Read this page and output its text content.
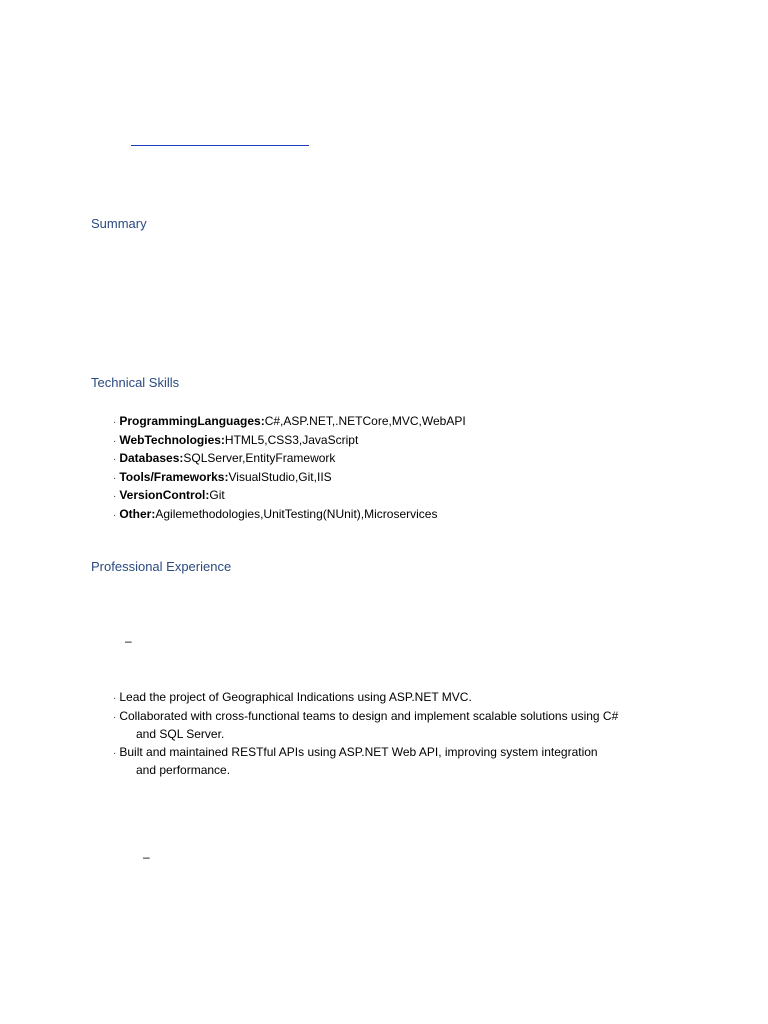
Summary
Technical Skills
· ProgrammingLanguages:C#,ASP.NET,.NETCore,MVC,WebAPI
· WebTechnologies:HTML5,CSS3,JavaScript
· Databases:SQLServer,EntityFramework
· Tools/Frameworks:VisualStudio,Git,IIS
· VersionControl:Git
· Other:Agilemethodologies,UnitTesting(NUnit),Microservices
Professional Experience
–
· Lead the project of Geographical Indications using ASP.NET MVC.
· Collaborated with cross-functional teams to design and implement scalable solutions using C#
and SQL Server.
· Built and maintained RESTful APIs using ASP.NET Web API, improving system integration
and performance.
–
